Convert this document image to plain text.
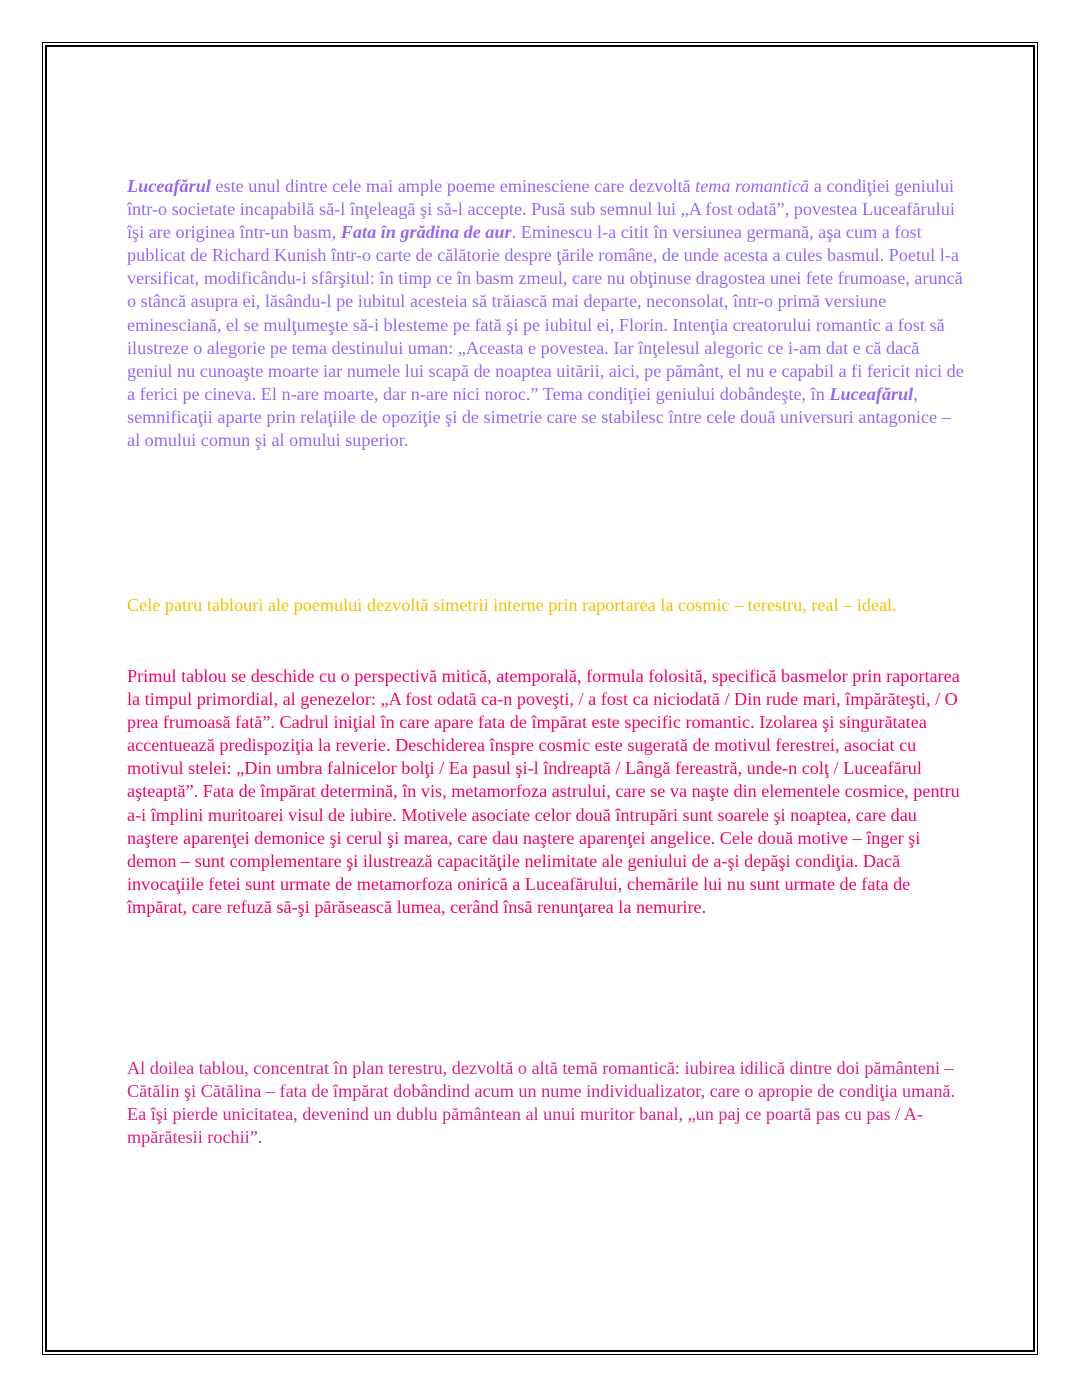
Luceafărul este unul dintre cele mai ample poeme eminesciene care dezvoltă tema romantică a condiţiei geniului într-o societate incapabilă să-l înţeleagă şi să-l accepte. Pusă sub semnul lui „A fost odată”, povestea Luceafărului îşi are originea într-un basm, Fata în grădina de aur. Eminescu l-a citit în versiunea germană, aşa cum a fost publicat de Richard Kunish într-o carte de călătorie despre ţările române, de unde acesta a cules basmul. Poetul l-a versificat, modificându-i sfârşitul: în timp ce în basm zmeul, care nu obţinuse dragostea unei fete frumoase, aruncă o stâncă asupra ei, lăsându-l pe iubitul acesteia să trăiască mai departe, neconsolat, într-o primă versiune eminesciană, el se mulţumeşte să-i blesteme pe fată şi pe iubitul ei, Florin. Intenţia creatorului romantic a fost să ilustreze o alegorie pe tema destinului uman: „Aceasta e povestea. Iar înţelesul alegoric ce i-am dat e că dacă geniul nu cunoaşte moarte iar numele lui scapă de noaptea uitării, aici, pe pământ, el nu e capabil a fi fericit nici de a ferici pe cineva. El n-are moarte, dar n-are nici noroc.” Tema condiţiei geniului dobândeşte, în Luceafărul, semnificaţii aparte prin relaţiile de opoziţie şi de simetrie care se stabilesc între cele două universuri antagonice – al omului comun şi al omului superior.

Cele patru tablouri ale poemului dezvoltă simetrii interne prin raportarea la cosmic – terestru, real – ideal.

Primul tablou se deschide cu o perspectivă mitică, atemporală, formula folosită, specifică basmelor prin raportarea la timpul primordial, al genezelor: „A fost odată ca-n poveşti, / a fost ca niciodată / Din rude mari, împărăteşti, / O prea frumoasă fată”. Cadrul iniţial în care apare fata de împărat este specific romantic. Izolarea şi singurătatea accentuează predispoziţia la reverie. Deschiderea înspre cosmic este sugerată de motivul ferestrei, asociat cu motivul stelei: „Din umbra falnicelor bolţi / Ea pasul şi-l îndreaptă / Lângă fereastră, unde-n colţ / Luceafărul aşteaptă”. Fata de împărat determină, în vis, metamorfoza astrului, care se va naşte din elementele cosmice, pentru a-i împlini muritoarei visul de iubire. Motivele asociate celor două întrupări sunt soarele şi noaptea, care dau naştere aparenţei demonice şi cerul şi marea, care dau naştere aparenţei angelice. Cele două motive – înger şi demon – sunt complementare şi ilustrează capacităţile nelimitate ale geniului de a-şi depăşi condiţia. Dacă invocaţiile fetei sunt urmate de metamorfoza onirică a Luceafărului, chemările lui nu sunt urmate de fata de împărat, care refuză să-şi părăsească lumea, cerând însă renunţarea la nemurire.

Al doilea tablou, concentrat în plan terestru, dezvoltă o altă temă romantică: iubirea idilică dintre doi pământeni – Cătălin şi Cătălina – fata de împărat dobândind acum un nume individualizator, care o apropie de condiţia umană. Ea îşi pierde unicitatea, devenind un dublu pământean al unui muritor banal, „un paj ce poartă pas cu pas / A-mpărătesii rochii”.
